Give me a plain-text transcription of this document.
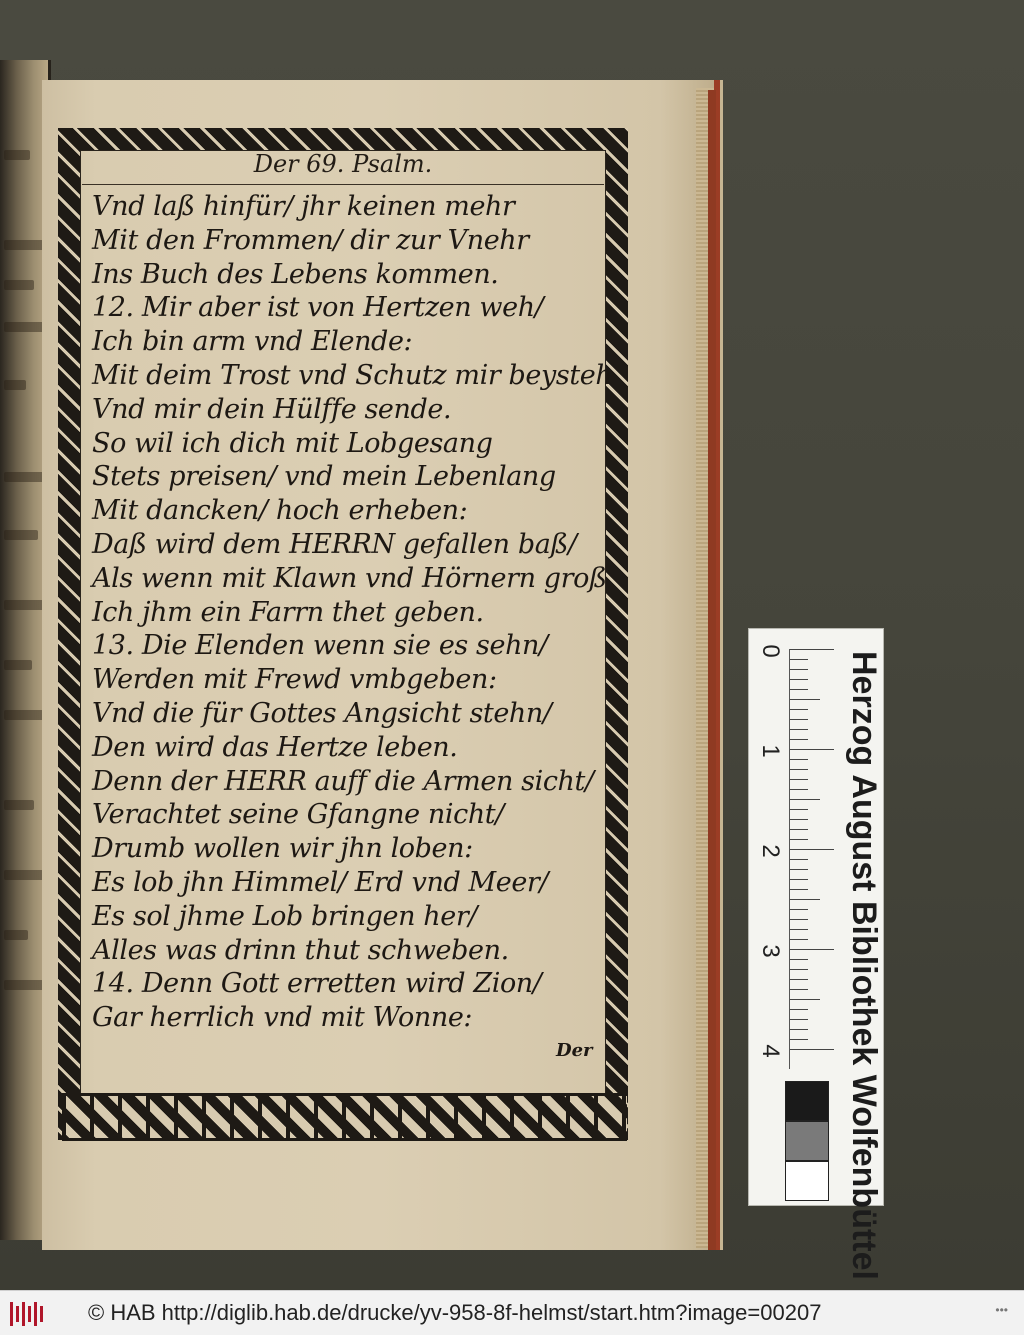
Der 69. Psalm.
Vnd laß hinfür/ jhr keinen mehr
Mit den Frommen/ dir zur Vnehr
Ins Buch des Lebens kommen.
12. Mir aber ist von Hertzen weh/
Ich bin arm vnd Elende:
Mit deim Trost vnd Schutz mir beysteh
Vnd mir dein Hülffe sende.
So wil ich dich mit Lobgesang
Stets preisen/ vnd mein Lebenlang
Mit dancken/ hoch erheben:
Daß wird dem HERRN gefallen baß/
Als wenn mit Klawn vnd Hörnern groß
Ich jhm ein Farrn thet geben.
13. Die Elenden wenn sie es sehn/
Werden mit Frewd vmbgeben:
Vnd die für Gottes Angsicht stehn/
Den wird das Hertze leben.
Denn der HERR auff die Armen sicht/
Verachtet seine Gfangne nicht/
Drumb wollen wir jhn loben:
Es lob jhn Himmel/ Erd vnd Meer/
Es sol jhme Lob bringen her/
Alles was drinn thut schweben.
14. Denn Gott erretten wird Zion/
Gar herrlich vnd mit Wonne:
Der
0
1
2
3
4 Herzog August Bibliothek Wolfenbüttel
© HAB http://diglib.hab.de/drucke/yv-958-8f-helmst/start.htm?image=00207	•••
